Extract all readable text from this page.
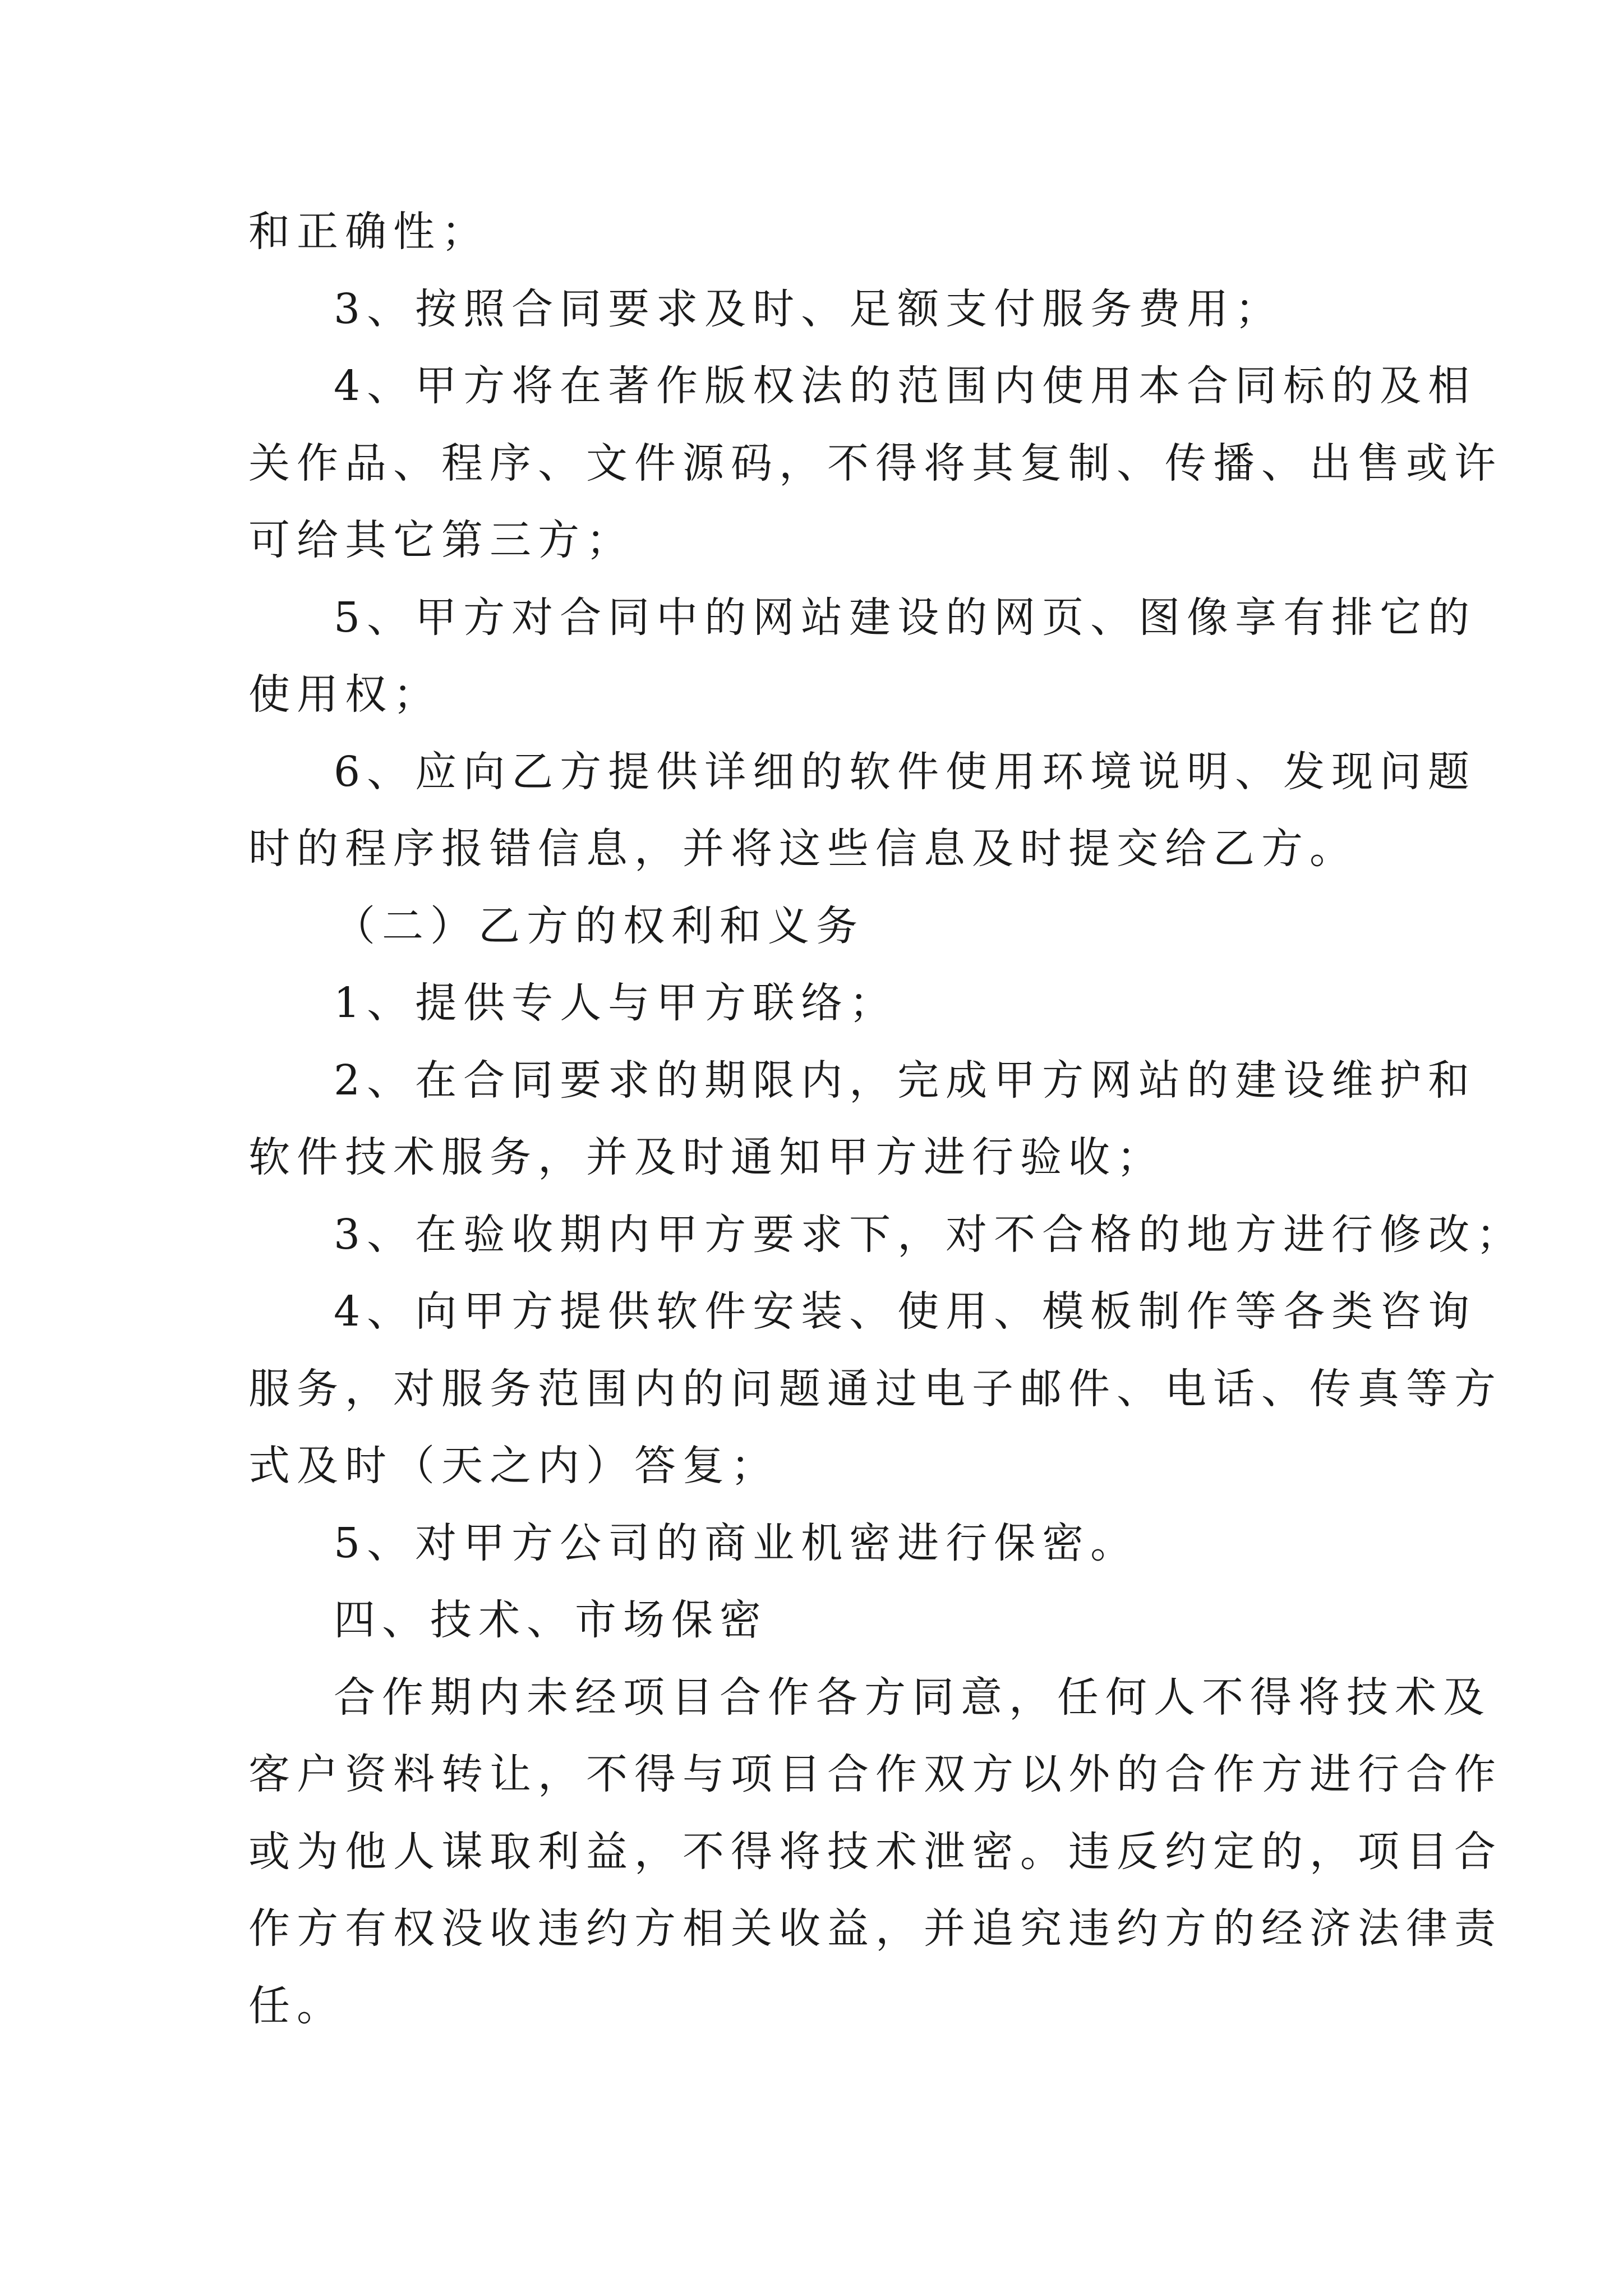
和正确性；

3、按照合同要求及时、足额支付服务费用；

4、甲方将在著作版权法的范围内使用本合同标的及相

关作品、程序、文件源码，不得将其复制、传播、出售或许

可给其它第三方；

5、甲方对合同中的网站建设的网页、图像享有排它的

使用权；

6、应向乙方提供详细的软件使用环境说明、发现问题

时的程序报错信息，并将这些信息及时提交给乙方。

（二）乙方的权利和义务

1、提供专人与甲方联络；

2、在合同要求的期限内，完成甲方网站的建设维护和

软件技术服务，并及时通知甲方进行验收；

3、在验收期内甲方要求下，对不合格的地方进行修改；

4、向甲方提供软件安装、使用、模板制作等各类咨询

服务，对服务范围内的问题通过电子邮件、电话、传真等方

式及时（天之内）答复；

5、对甲方公司的商业机密进行保密。

四、技术、市场保密

合作期内未经项目合作各方同意，任何人不得将技术及

客户资料转让，不得与项目合作双方以外的合作方进行合作

或为他人谋取利益，不得将技术泄密。违反约定的，项目合

作方有权没收违约方相关收益，并追究违约方的经济法律责

任。
